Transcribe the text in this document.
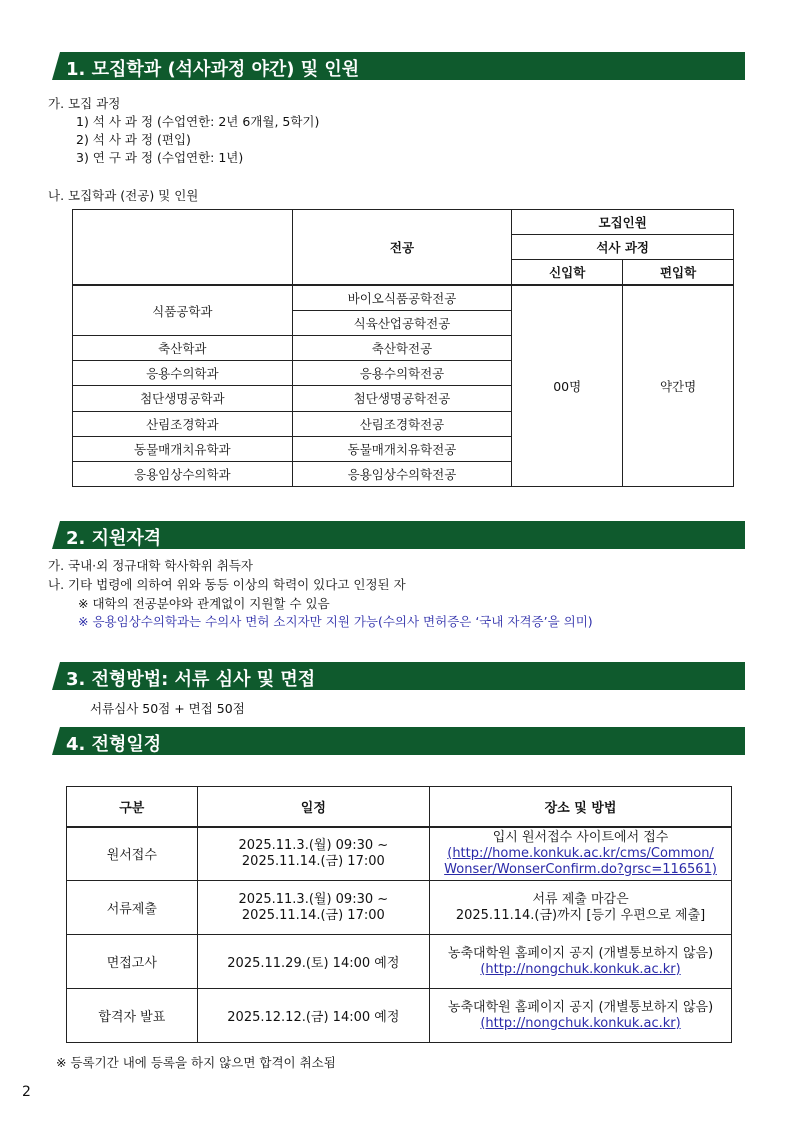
1. 모집학과 (석사과정 야간) 및 인원
가. 모집 과정
1) 석 사 과 정 (수업연한: 2년 6개월, 5학기)
2) 석 사 과 정 (편입)
3) 연 구 과 정 (수업연한: 1년)
나. 모집학과 (전공) 및 인원
	전공	모집인원	
		석사 과정	
		신입학	편입학
식품공학과	바이오식품공학전공	00명	약간명
	식육산업공학전공		
축산학과	축산학전공		
응용수의학과	응용수의학전공		
첨단생명공학과	첨단생명공학전공		
산림조경학과	산림조경학전공		
동물매개치유학과	동물매개치유학전공		
응용임상수의학과	응용임상수의학전공		
2. 지원자격
가. 국내·외 정규대학 학사학위 취득자
나. 기타 법령에 의하여 위와 동등 이상의 학력이 있다고 인정된 자
※ 대학의 전공분야와 관계없이 지원할 수 있음
※ 응용임상수의학과는 수의사 면허 소지자만 지원 가능(수의사 면허증은 ‘국내 자격증’을 의미)
3. 전형방법: 서류 심사 및 면접
서류심사 50점 + 면접 50점
4. 전형일정
구분	일정	장소 및 방법
원서접수	2025.11.3.(월) 09:30 ~
2025.11.14.(금) 17:00	입시 원서접수 사이트에서 접수
(http://home.konkuk.ac.kr/cms/Common/
Wonser/WonserConfirm.do?grsc=116561)

서류제출	2025.11.3.(월) 09:30 ~
2025.11.14.(금) 17:00	서류 제출 마감은
2025.11.14.(금)까지 [등기 우편으로 제출]

면접고사	2025.11.29.(토) 14:00 예정	농축대학원 홈페이지 공지 (개별통보하지 않음)
(http://nongchuk.konkuk.ac.kr)

합격자 발표	2025.12.12.(금) 14:00 예정	농축대학원 홈페이지 공지 (개별통보하지 않음)
(http://nongchuk.konkuk.ac.kr)
※ 등록기간 내에 등록을 하지 않으면 합격이 취소됨
2
